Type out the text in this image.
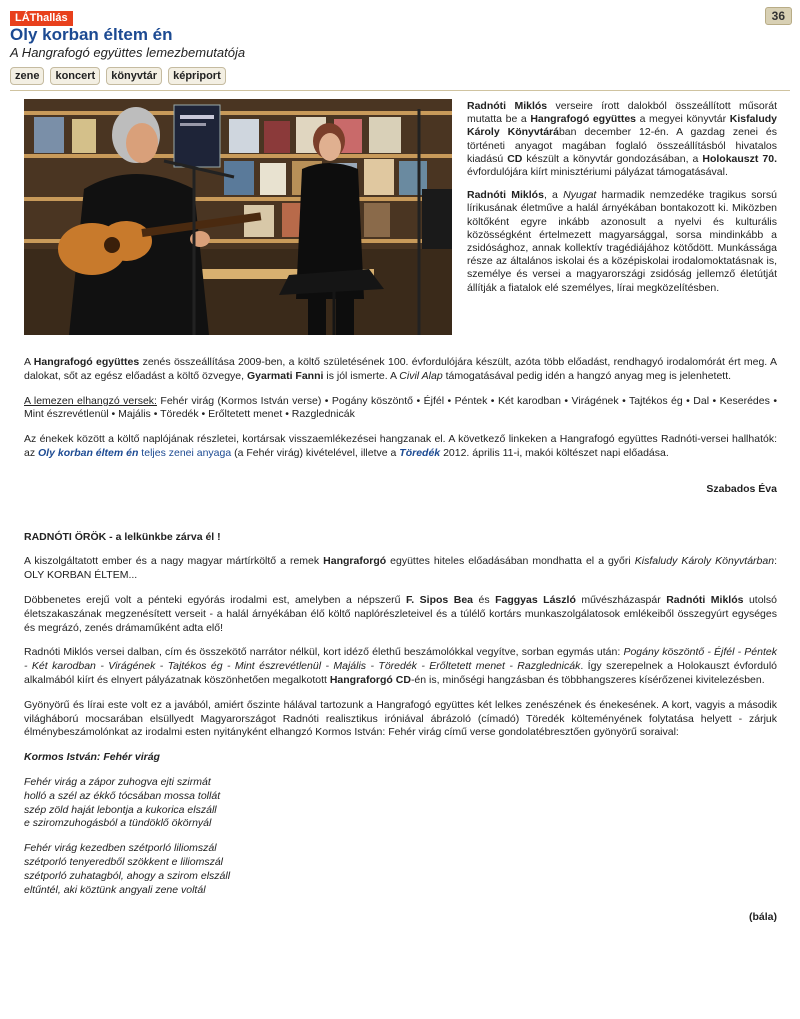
LÁThallás	36
Oly korban éltem én
A Hangrafogó együttes lemezbemutatója
zene	koncert	könyvtár	képriport

Radnóti Miklós verseire írott dalokból összeállított műsorát mutatta be a Hangrafogó együttes a megyei könyvtár Kisfaludy Károly Könyvtárában december 12-én. A gazdag zenei és történeti anyagot magában foglaló összeállításból hivatalos kiadású CD készült a könyvtár gondozásában, a Holokauszt 70. évfordulójára kiírt minisztériumi pályázat támogatásával.

Radnóti Miklós, a Nyugat harmadik nemzedéke tragikus sorsú lírikusának életműve a halál árnyékában bontakozott ki. Miközben költőként egyre inkább azonosult a nyelvi és kulturális közösségként értelmezett magyarsággal, sorsa mindinkább a zsidósághoz, annak kollektív tragédiájához kötődött. Munkássága része az általános iskolai és a középiskolai irodalomoktatásnak is, személye és versei a magyarországi zsidóság jellemző életútját állítják a fiatalok elé személyes, lírai megközelítésben.

A Hangrafogó együttes zenés összeállítása 2009-ben, a költő születésének 100. évfordulójára készült, azóta több előadást, rendhagyó irodalomórát ért meg. A dalokat, sőt az egész előadást a költő özvegye, Gyarmati Fanni is jól ismerte. A Civil Alap támogatásával pedig idén a hangzó anyag meg is jelenhetett.

A lemezen elhangzó versek: Fehér virág (Kormos István verse) • Pogány köszöntő • Éjfél • Péntek • Két karodban • Virágének • Tajtékos ég • Dal • Keserédes • Mint észrevétlenül • Majális • Töredék • Erőltetett menet • Razglednicák

Az énekek között a költő naplójának részletei, kortársak visszaemlékezései hangzanak el. A következő linkeken a Hangrafogó együttes Radnóti-versei hallhatók: az Oly korban éltem én teljes zenei anyaga (a Fehér virág) kivételével, illetve a Töredék 2012. április 11-i, makói költészet napi előadása.

Szabados Éva

RADNÓTI ÖRÖK - a lelkünkbe zárva él !

A kiszolgáltatott ember és a nagy magyar mártírköltő a remek Hangraforgó együttes hiteles előadásában mondhatta el a győri Kisfaludy Károly Könyvtárban: OLY KORBAN ÉLTEM...

Döbbenetes erejű volt a pénteki egyórás irodalmi est, amelyben a népszerű F. Sipos Bea és Faggyas László művészházaspár Radnóti Miklós utolsó életszakaszának megzenésített verseit - a halál árnyékában élő költő naplórészleteivel és a túlélő kortárs munkaszolgálatosok emlékeiből összegyúrt egységes és megrázó, zenés drámaműként adta elő!

Radnóti Miklós versei dalban, cím és összekötő narrátor nélkül, kort idéző élethű beszámolókkal vegyítve, sorban egymás után: Pogány köszöntő - Éjfél - Péntek - Két karodban - Virágének - Tajtékos ég - Mint észrevétlenül - Majális - Töredék - Erőltetett menet - Razglednicák. Így szerepelnek a Holokauszt évforduló alkalmából kiírt és elnyert pályázatnak köszönhetően megalkotott Hangraforgó CD-én is, minőségi hangzásban és többhangszeres kísérőzenei kivitelezésben.

Gyönyörű és lírai este volt ez a javából, amiért őszinte hálával tartozunk a Hangrafogó együttes két lelkes zenészének és énekesének. A kort, vagyis a második világháború mocsarában elsüllyedt Magyarországot Radnóti realisztikus iróniával ábrázoló (címadó) Töredék költeményének folytatása helyett - zárjuk élménybeszámolónkat az irodalmi esten nyitányként elhangzó Kormos István: Fehér virág című verse gondolatébresztően gyönyörű soraival:

Kormos István: Fehér virág

Fehér virág a zápor zuhogva ejti szirmát
holló a szél az ékkő tócsában mossa tollát
szép zöld haját lebontja a kukorica elszáll
e sziromzuhogásból a tündöklő ökörnyál

Fehér virág kezedben szétporló liliomszál
szétporló tenyeredből szökkent e liliomszál
szétporló zuhatagból, ahogy a szirom elszáll
eltűntél, aki köztünk angyali zene voltál

(bála)
